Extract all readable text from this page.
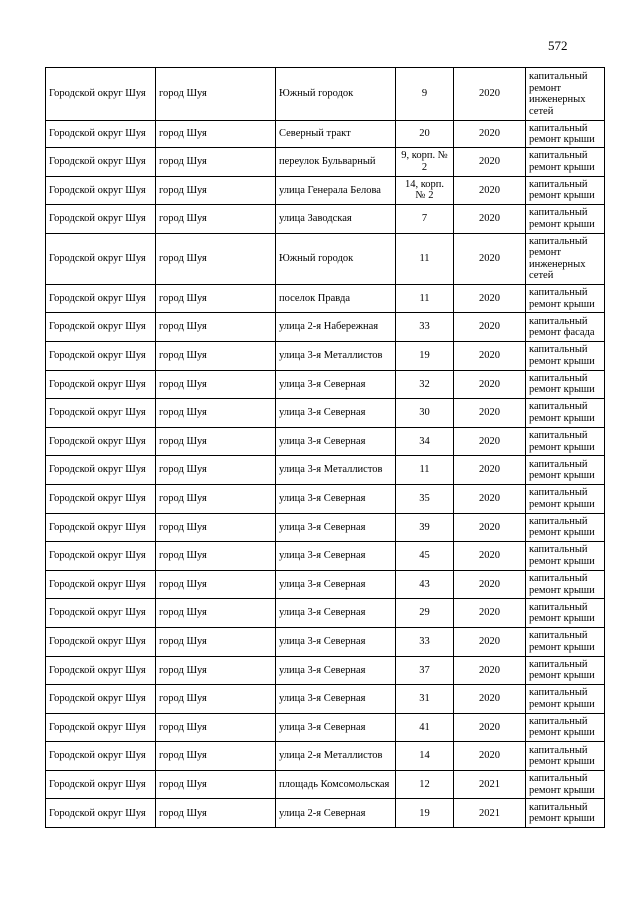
572
Городской округ Шуя	город Шуя	Южный городок	9	2020	капитальный ремонт инженерных сетей
Городской округ Шуя	город Шуя	Северный тракт	20	2020	капитальный ремонт крыши
Городской округ Шуя	город Шуя	переулок Бульварный	9, корп. № 2	2020	капитальный ремонт крыши
Городской округ Шуя	город Шуя	улица Генерала Белова	14, корп. № 2	2020	капитальный ремонт крыши
Городской округ Шуя	город Шуя	улица Заводская	7	2020	капитальный ремонт крыши
Городской округ Шуя	город Шуя	Южный городок	11	2020	капитальный ремонт инженерных сетей
Городской округ Шуя	город Шуя	поселок Правда	11	2020	капитальный ремонт крыши
Городской округ Шуя	город Шуя	улица 2-я Набережная	33	2020	капитальный ремонт фасада
Городской округ Шуя	город Шуя	улица 3-я Металлистов	19	2020	капитальный ремонт крыши
Городской округ Шуя	город Шуя	улица 3-я Северная	32	2020	капитальный ремонт крыши
Городской округ Шуя	город Шуя	улица 3-я Северная	30	2020	капитальный ремонт крыши
Городской округ Шуя	город Шуя	улица 3-я Северная	34	2020	капитальный ремонт крыши
Городской округ Шуя	город Шуя	улица 3-я Металлистов	11	2020	капитальный ремонт крыши
Городской округ Шуя	город Шуя	улица 3-я Северная	35	2020	капитальный ремонт крыши
Городской округ Шуя	город Шуя	улица 3-я Северная	39	2020	капитальный ремонт крыши
Городской округ Шуя	город Шуя	улица 3-я Северная	45	2020	капитальный ремонт крыши
Городской округ Шуя	город Шуя	улица 3-я Северная	43	2020	капитальный ремонт крыши
Городской округ Шуя	город Шуя	улица 3-я Северная	29	2020	капитальный ремонт крыши
Городской округ Шуя	город Шуя	улица 3-я Северная	33	2020	капитальный ремонт крыши
Городской округ Шуя	город Шуя	улица 3-я Северная	37	2020	капитальный ремонт крыши
Городской округ Шуя	город Шуя	улица 3-я Северная	31	2020	капитальный ремонт крыши
Городской округ Шуя	город Шуя	улица 3-я Северная	41	2020	капитальный ремонт крыши
Городской округ Шуя	город Шуя	улица 2-я Металлистов	14	2020	капитальный ремонт крыши
Городской округ Шуя	город Шуя	площадь Комсомольская	12	2021	капитальный ремонт крыши
Городской округ Шуя	город Шуя	улица 2-я Северная	19	2021	капитальный ремонт крыши
